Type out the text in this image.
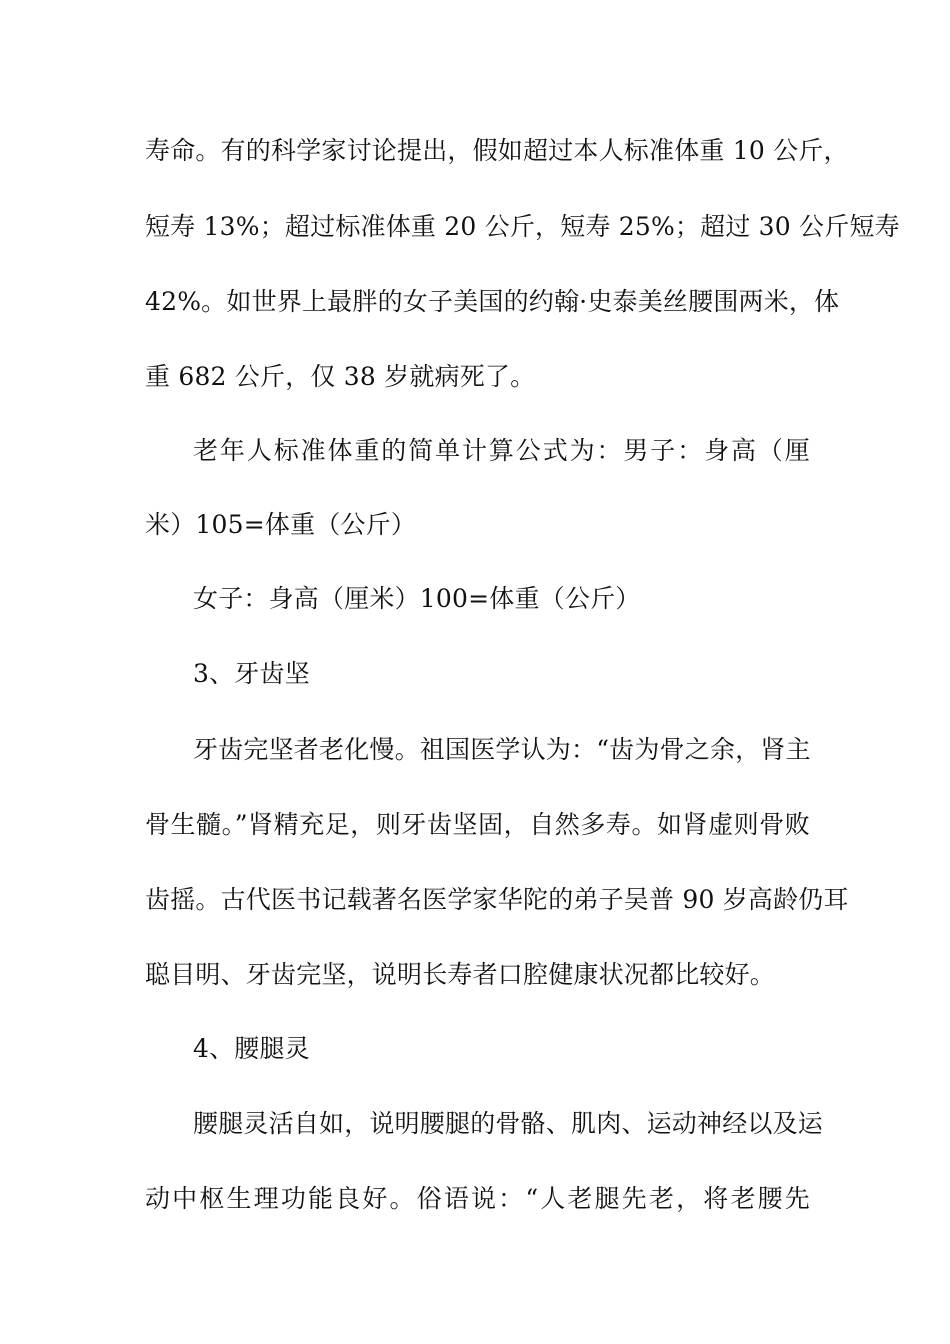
寿命。有的科学家讨论提出，假如超过本人标准体重 10 公斤，
短寿 13%；超过标准体重 20 公斤，短寿 25%；超过 30 公斤短寿
42%。如世界上最胖的女子美国的约翰·史泰美丝腰围两米，体
重 682 公斤，仅 38 岁就病死了。
老年人标准体重的简单计算公式为：男子：身高（厘
米）105=体重（公斤）
女子：身高（厘米）100=体重（公斤）
3、牙齿坚
牙齿完坚者老化慢。祖国医学认为：“齿为骨之余，肾主
骨生髓。”肾精充足，则牙齿坚固，自然多寿。如肾虚则骨败
齿摇。古代医书记载著名医学家华陀的弟子吴普 90 岁高龄仍耳
聪目明、牙齿完坚，说明长寿者口腔健康状况都比较好。
4、腰腿灵
腰腿灵活自如，说明腰腿的骨骼、肌肉、运动神经以及运
动中枢生理功能良好。俗语说：“人老腿先老，将老腰先
